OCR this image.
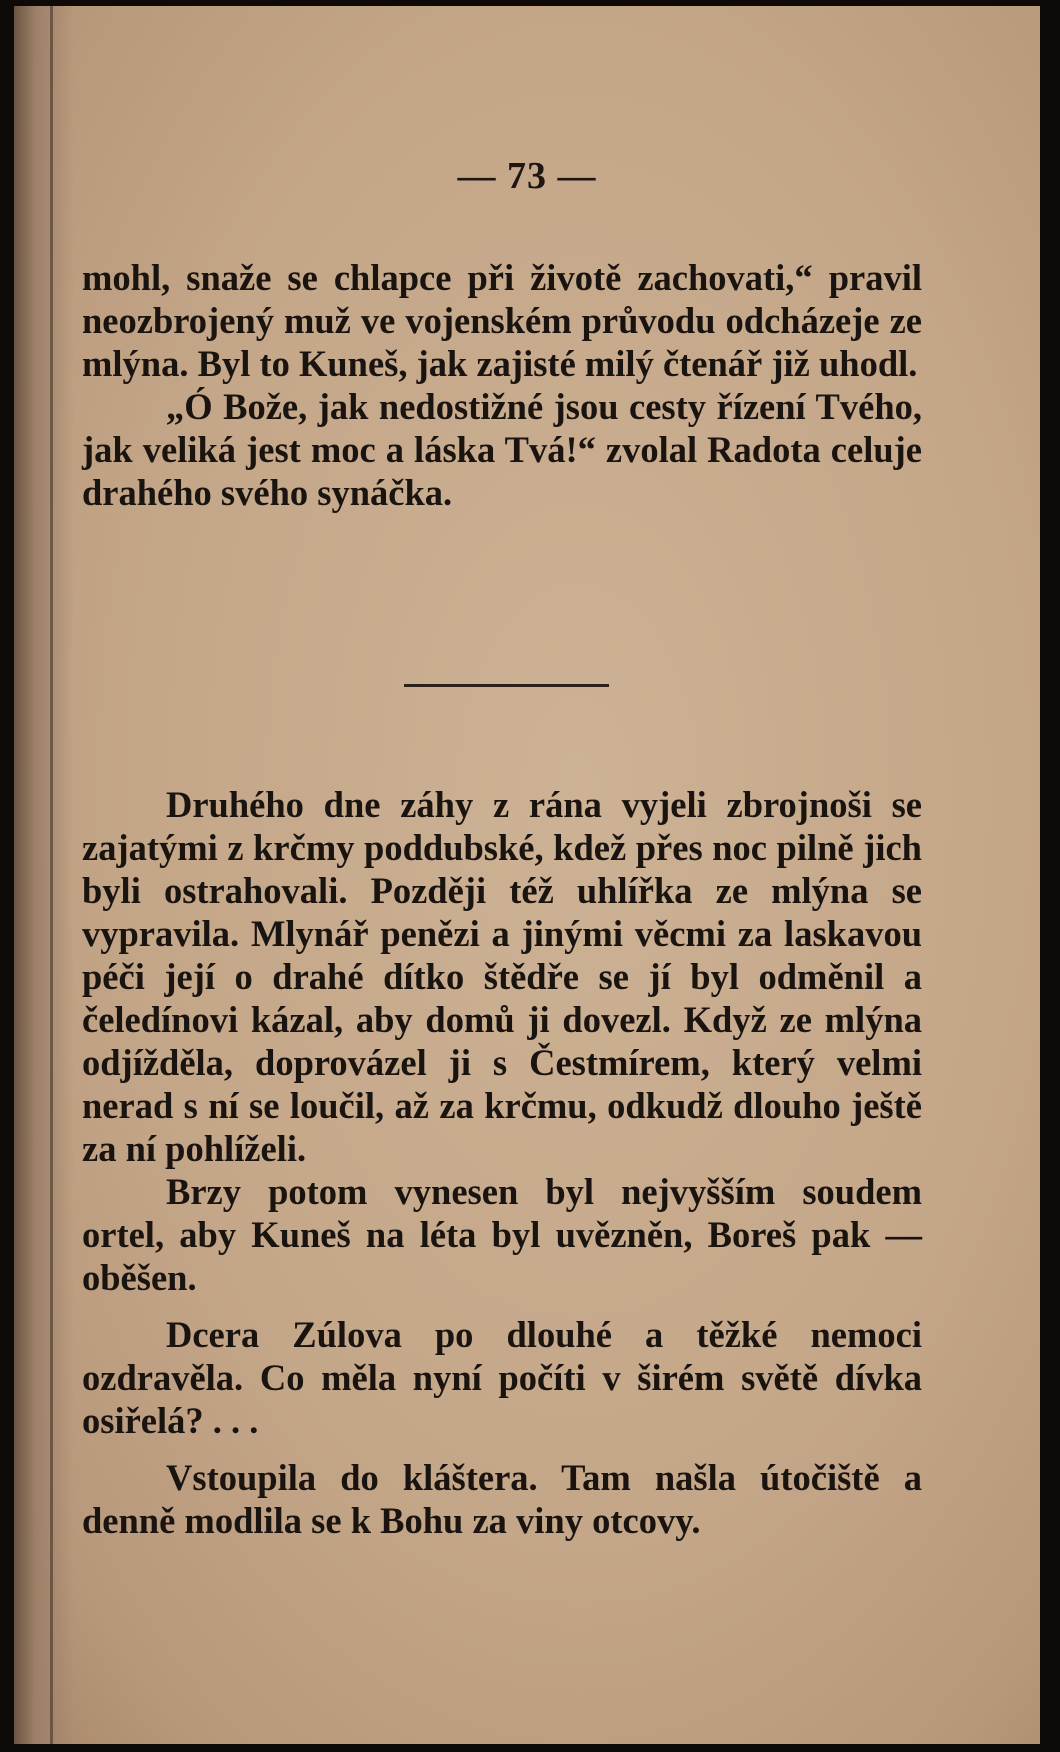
— 73 —

mohl, snaže se chlapce při životě zachovati,“ pravil neozbrojený muž ve vojenském průvodu odcházeje ze mlýna. Byl to Kuneš, jak zajisté milý čtenář již uhodl.

„Ó Bože, jak nedostižné jsou cesty řízení Tvého, jak veliká jest moc a láska Tvá!“ zvolal Radota celuje drahého svého synáčka.

Druhého dne záhy z rána vyjeli zbrojnoši se zajatými z krčmy poddubské, kdež přes noc pilně jich byli ostrahovali. Později též uhlířka ze mlýna se vypravila. Mlynář penězi a jinými věcmi za laskavou péči její o drahé dítko štědře se jí byl odměnil a čeledínovi kázal, aby domů ji dovezl. Když ze mlýna odjížděla, doprovázel ji s Čestmírem, který velmi nerad s ní se loučil, až za krčmu, odkudž dlouho ještě za ní pohlíželi.

Brzy potom vynesen byl nejvyšším soudem ortel, aby Kuneš na léta byl uvězněn, Boreš pak — oběšen.

Dcera Zúlova po dlouhé a těžké nemoci ozdravěla. Co měla nyní počíti v širém světě dívka osiřelá? . . .

Vstoupila do kláštera. Tam našla útočiště a denně modlila se k Bohu za viny otcovy.
